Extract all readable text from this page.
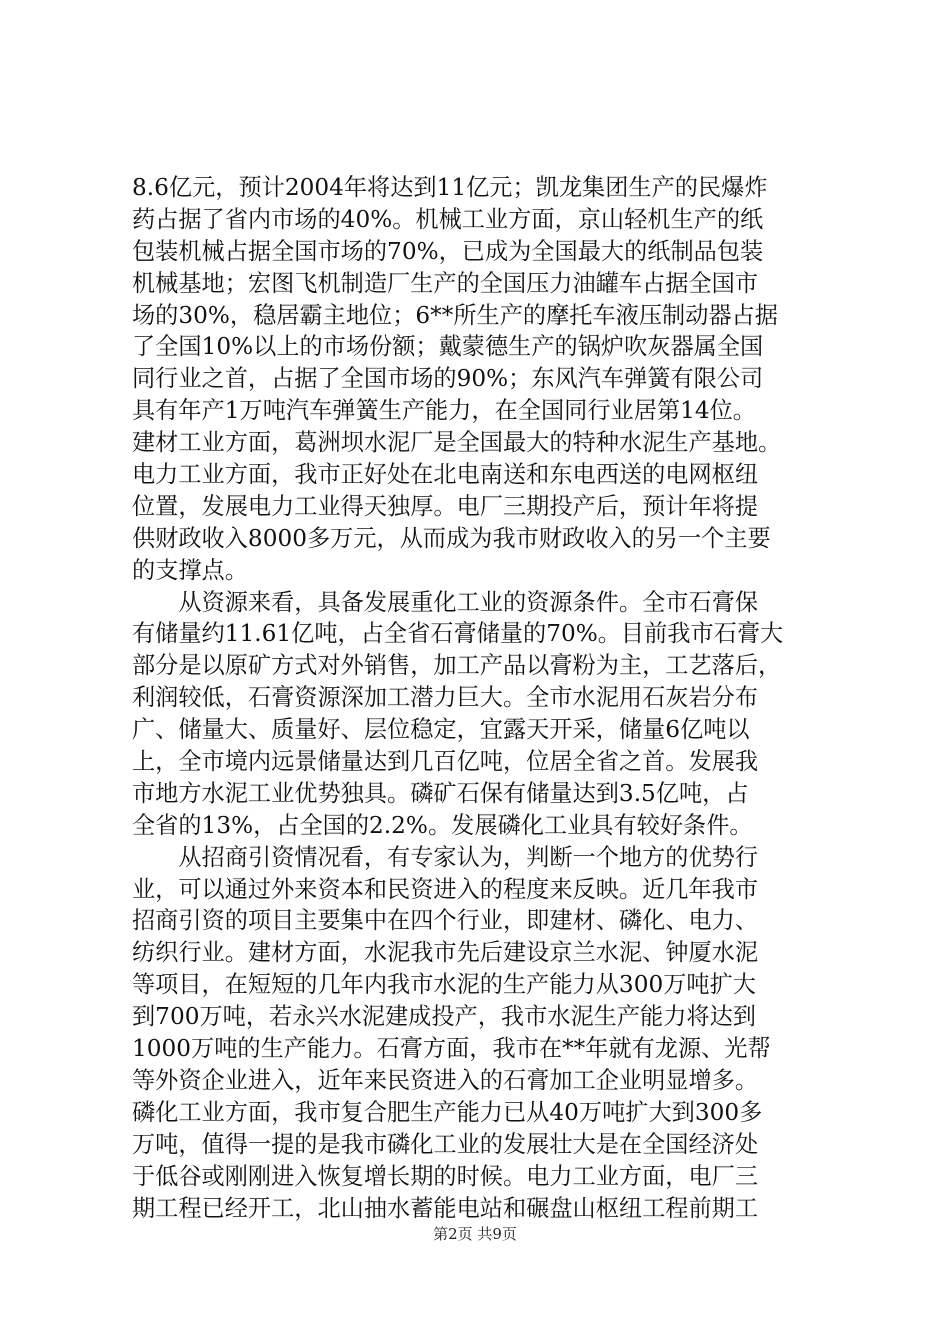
8.6亿元，预计2004年将达到11亿元；凯龙集团生产的民爆炸
药占据了省内市场的40%。机械工业方面，京山轻机生产的纸
包装机械占据全国市场的70%，已成为全国最大的纸制品包装
机械基地；宏图飞机制造厂生产的全国压力油罐车占据全国市
场的30%，稳居霸主地位；6**所生产的摩托车液压制动器占据
了全国10%以上的市场份额；戴蒙德生产的锅炉吹灰器属全国
同行业之首，占据了全国市场的90%；东风汽车弹簧有限公司
具有年产1万吨汽车弹簧生产能力，在全国同行业居第14位。
建材工业方面，葛洲坝水泥厂是全国最大的特种水泥生产基地。
电力工业方面，我市正好处在北电南送和东电西送的电网枢纽
位置，发展电力工业得天独厚。电厂三期投产后，预计年将提
供财政收入8000多万元，从而成为我市财政收入的另一个主要
的支撑点。
　　从资源来看，具备发展重化工业的资源条件。全市石膏保
有储量约11.61亿吨，占全省石膏储量的70%。目前我市石膏大
部分是以原矿方式对外销售，加工产品以膏粉为主，工艺落后，
利润较低，石膏资源深加工潜力巨大。全市水泥用石灰岩分布
广、储量大、质量好、层位稳定，宜露天开采，储量6亿吨以
上，全市境内远景储量达到几百亿吨，位居全省之首。发展我
市地方水泥工业优势独具。磷矿石保有储量达到3.5亿吨，占
全省的13%，占全国的2.2%。发展磷化工业具有较好条件。
　　从招商引资情况看，有专家认为，判断一个地方的优势行
业，可以通过外来资本和民资进入的程度来反映。近几年我市
招商引资的项目主要集中在四个行业，即建材、磷化、电力、
纺织行业。建材方面，水泥我市先后建设京兰水泥、钟厦水泥
等项目，在短短的几年内我市水泥的生产能力从300万吨扩大
到700万吨，若永兴水泥建成投产，我市水泥生产能力将达到
1000万吨的生产能力。石膏方面，我市在**年就有龙源、光帮
等外资企业进入，近年来民资进入的石膏加工企业明显增多。
磷化工业方面，我市复合肥生产能力已从40万吨扩大到300多
万吨，值得一提的是我市磷化工业的发展壮大是在全国经济处
于低谷或刚刚进入恢复增长期的时候。电力工业方面，电厂三
期工程已经开工，北山抽水蓄能电站和碾盘山枢纽工程前期工
第2页 共9页
